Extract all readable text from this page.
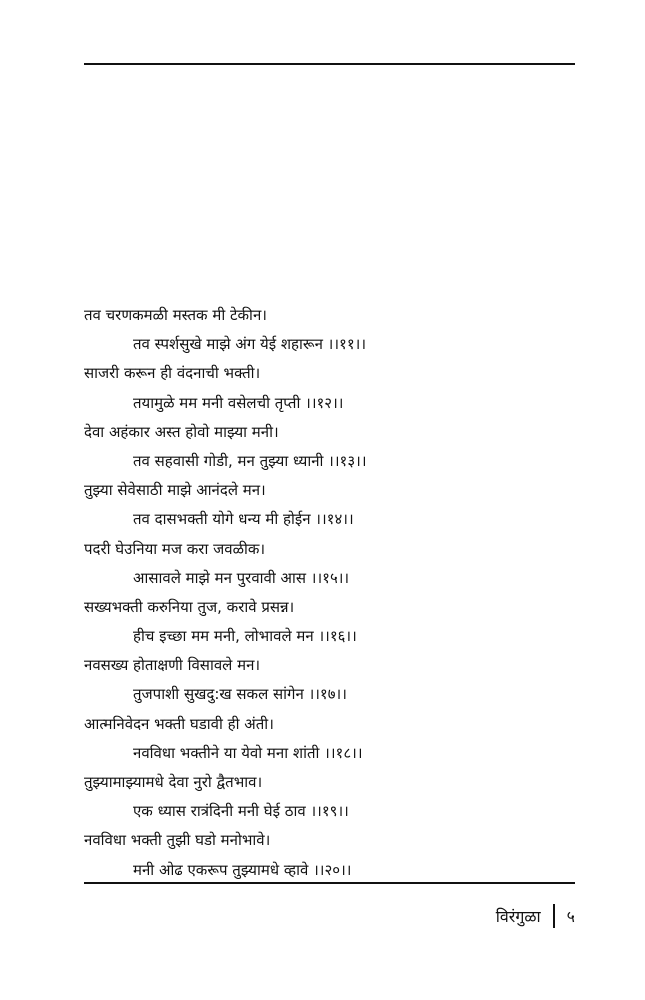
तव चरणकमळी मस्तक मी टेकीन।
तव स्पर्शसुखे माझे अंग येई शहारून ।।११।।
साजरी करून ही वंदनाची भक्ती।
तयामुळे मम मनी वसेलची तृप्ती ।।१२।।
देवा अहंकार अस्त होवो माझ्या मनी।
तव सहवासी गोडी, मन तुझ्या ध्यानी ।।१३।।
तुझ्या सेवेसाठी माझे आनंदले मन।
तव दासभक्ती योगे धन्य मी होईन ।।१४।।
पदरी घेउनिया मज करा जवळीक।
आसावले माझे मन पुरवावी आस ।।१५।।
सख्यभक्ती करुनिया तुज, करावे प्रसन्न।
हीच इच्छा मम मनी, लोभावले मन ।।१६।।
नवसख्य होताक्षणी विसावले मन।
तुजपाशी सुखदु:ख सकल सांगेन ।।१७।।
आत्मनिवेदन भक्ती घडावी ही अंती।
नवविधा भक्तीने या येवो मना शांती ।।१८।।
तुझ्यामाझ्यामधे देवा नुरो द्वैतभाव।
एक ध्यास रात्रंदिनी मनी घेई ठाव ।।१९।।
नवविधा भक्ती तुझी घडो मनोभावे।
मनी ओढ एकरूप तुझ्यामधे व्हावे ।।२०।।
विरंगुळा ५
